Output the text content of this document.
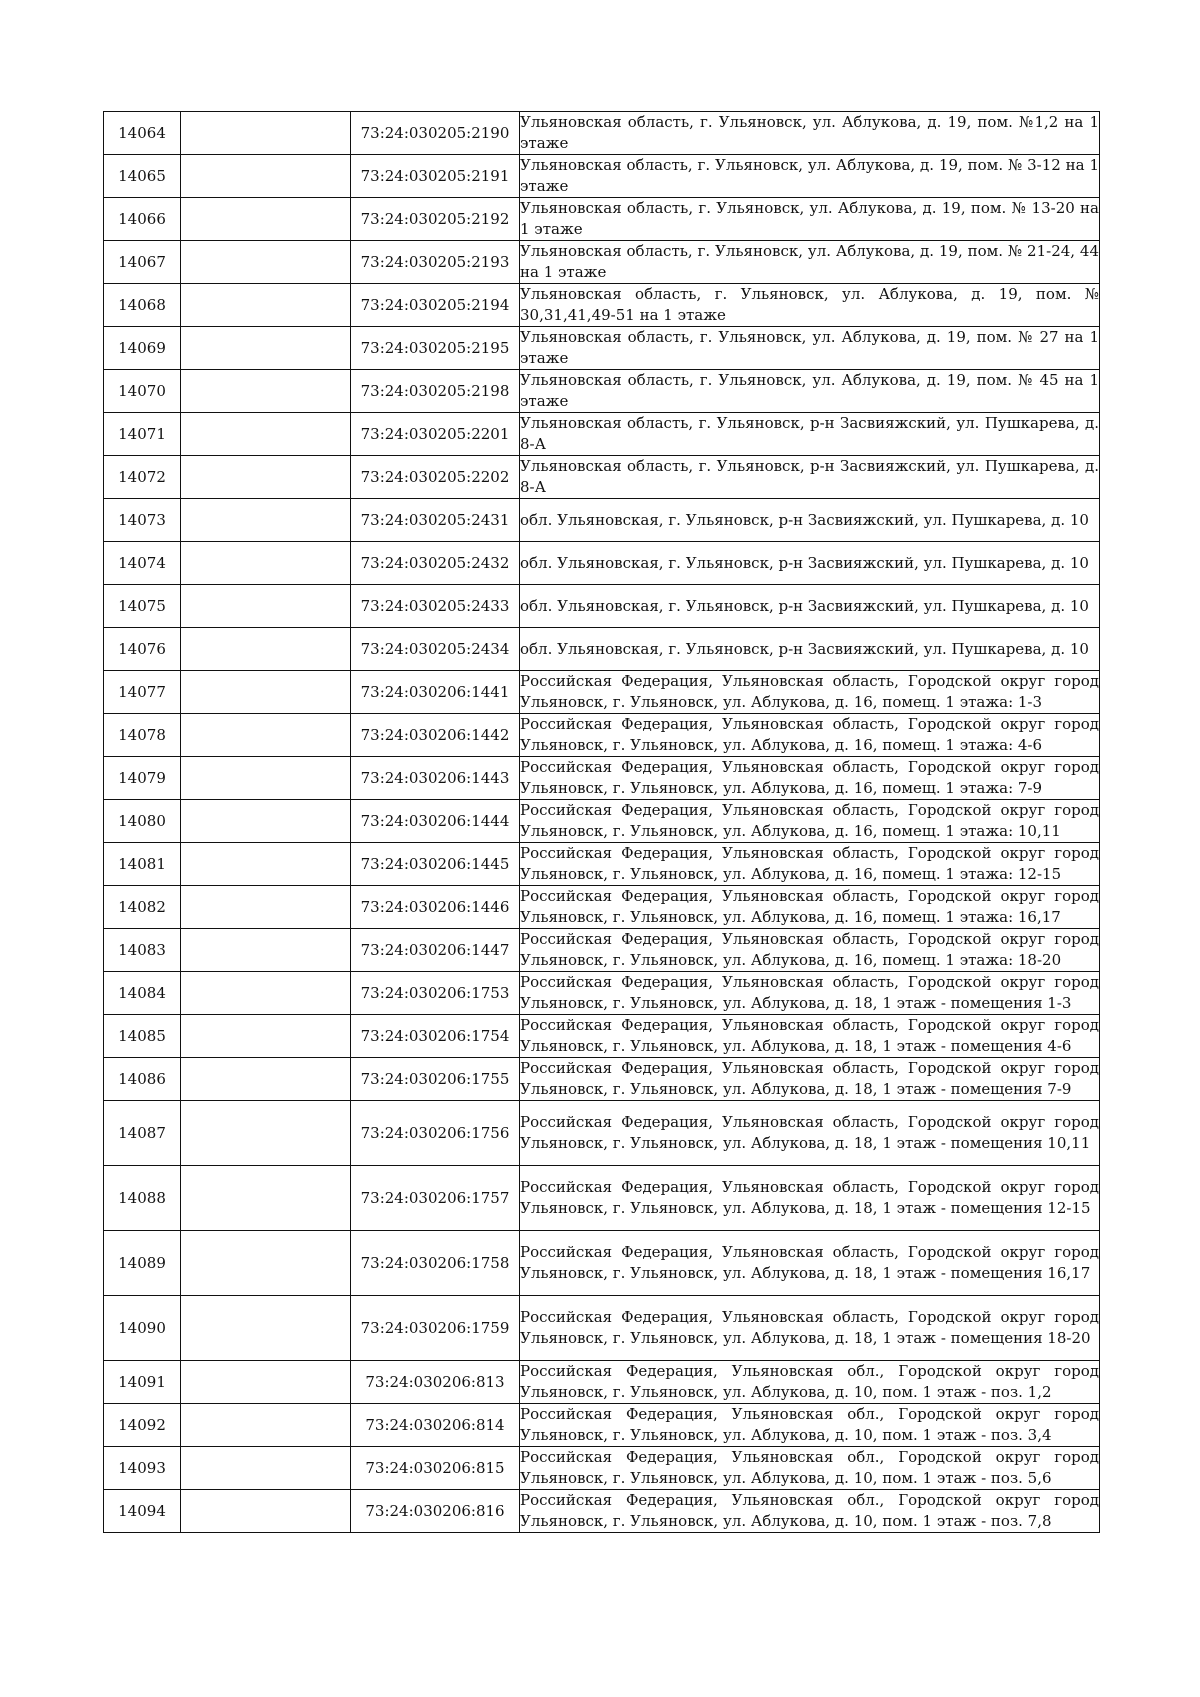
14064		73:24:030205:2190	Ульяновская область, г. Ульяновск, ул. Аблукова, д. 19, пом. №1,2 на 1 этаже
14065		73:24:030205:2191	Ульяновская область, г. Ульяновск, ул. Аблукова, д. 19, пом. № 3-12 на 1 этаже
14066		73:24:030205:2192	Ульяновская область, г. Ульяновск, ул. Аблукова, д. 19, пом. № 13-20 на 1 этаже
14067		73:24:030205:2193	Ульяновская область, г. Ульяновск, ул. Аблукова, д. 19, пом. № 21-24, 44 на 1 этаже
14068		73:24:030205:2194	Ульяновская область, г. Ульяновск, ул. Аблукова, д. 19, пом. № 30,31,41,49-51 на 1 этаже
14069		73:24:030205:2195	Ульяновская область, г. Ульяновск, ул. Аблукова, д. 19, пом. № 27 на 1 этаже
14070		73:24:030205:2198	Ульяновская область, г. Ульяновск, ул. Аблукова, д. 19, пом. № 45 на 1 этаже
14071		73:24:030205:2201	Ульяновская область, г. Ульяновск, р-н Засвияжский, ул. Пушкарева, д. 8-А
14072		73:24:030205:2202	Ульяновская область, г. Ульяновск, р-н Засвияжский, ул. Пушкарева, д. 8-А
14073		73:24:030205:2431	обл. Ульяновская, г. Ульяновск, р-н Засвияжский, ул. Пушкарева, д. 10
14074		73:24:030205:2432	обл. Ульяновская, г. Ульяновск, р-н Засвияжский, ул. Пушкарева, д. 10
14075		73:24:030205:2433	обл. Ульяновская, г. Ульяновск, р-н Засвияжский, ул. Пушкарева, д. 10
14076		73:24:030205:2434	обл. Ульяновская, г. Ульяновск, р-н Засвияжский, ул. Пушкарева, д. 10
14077		73:24:030206:1441	Российская Федерация, Ульяновская область, Городской округ город Ульяновск, г. Ульяновск, ул. Аблукова, д. 16, помещ. 1 этажа: 1-3
14078		73:24:030206:1442	Российская Федерация, Ульяновская область, Городской округ город Ульяновск, г. Ульяновск, ул. Аблукова, д. 16, помещ. 1 этажа: 4-6
14079		73:24:030206:1443	Российская Федерация, Ульяновская область, Городской округ город Ульяновск, г. Ульяновск, ул. Аблукова, д. 16, помещ. 1 этажа: 7-9
14080		73:24:030206:1444	Российская Федерация, Ульяновская область, Городской округ город Ульяновск, г. Ульяновск, ул. Аблукова, д. 16, помещ. 1 этажа: 10,11
14081		73:24:030206:1445	Российская Федерация, Ульяновская область, Городской округ город Ульяновск, г. Ульяновск, ул. Аблукова, д. 16, помещ. 1 этажа: 12-15
14082		73:24:030206:1446	Российская Федерация, Ульяновская область, Городской округ город Ульяновск, г. Ульяновск, ул. Аблукова, д. 16, помещ. 1 этажа: 16,17
14083		73:24:030206:1447	Российская Федерация, Ульяновская область, Городской округ город Ульяновск, г. Ульяновск, ул. Аблукова, д. 16, помещ. 1 этажа: 18-20
14084		73:24:030206:1753	Российская Федерация, Ульяновская область, Городской округ город Ульяновск, г. Ульяновск, ул. Аблукова, д. 18, 1 этаж - помещения 1-3
14085		73:24:030206:1754	Российская Федерация, Ульяновская область, Городской округ город Ульяновск, г. Ульяновск, ул. Аблукова, д. 18, 1 этаж - помещения 4-6
14086		73:24:030206:1755	Российская Федерация, Ульяновская область, Городской округ город Ульяновск, г. Ульяновск, ул. Аблукова, д. 18, 1 этаж - помещения 7-9
14087		73:24:030206:1756	Российская Федерация, Ульяновская область, Городской округ город Ульяновск, г. Ульяновск, ул. Аблукова, д. 18, 1 этаж - помещения 10,11
14088		73:24:030206:1757	Российская Федерация, Ульяновская область, Городской округ город Ульяновск, г. Ульяновск, ул. Аблукова, д. 18, 1 этаж - помещения 12-15
14089		73:24:030206:1758	Российская Федерация, Ульяновская область, Городской округ город Ульяновск, г. Ульяновск, ул. Аблукова, д. 18, 1 этаж - помещения 16,17
14090		73:24:030206:1759	Российская Федерация, Ульяновская область, Городской округ город Ульяновск, г. Ульяновск, ул. Аблукова, д. 18, 1 этаж - помещения 18-20
14091		73:24:030206:813	Российская Федерация, Ульяновская обл., Городской округ город Ульяновск, г. Ульяновск, ул. Аблукова, д. 10, пом. 1 этаж - поз. 1,2
14092		73:24:030206:814	Российская Федерация, Ульяновская обл., Городской округ город Ульяновск, г. Ульяновск, ул. Аблукова, д. 10, пом. 1 этаж - поз. 3,4
14093		73:24:030206:815	Российская Федерация, Ульяновская обл., Городской округ город Ульяновск, г. Ульяновск, ул. Аблукова, д. 10, пом. 1 этаж - поз. 5,6
14094		73:24:030206:816	Российская Федерация, Ульяновская обл., Городской округ город Ульяновск, г. Ульяновск, ул. Аблукова, д. 10, пом. 1 этаж - поз. 7,8
